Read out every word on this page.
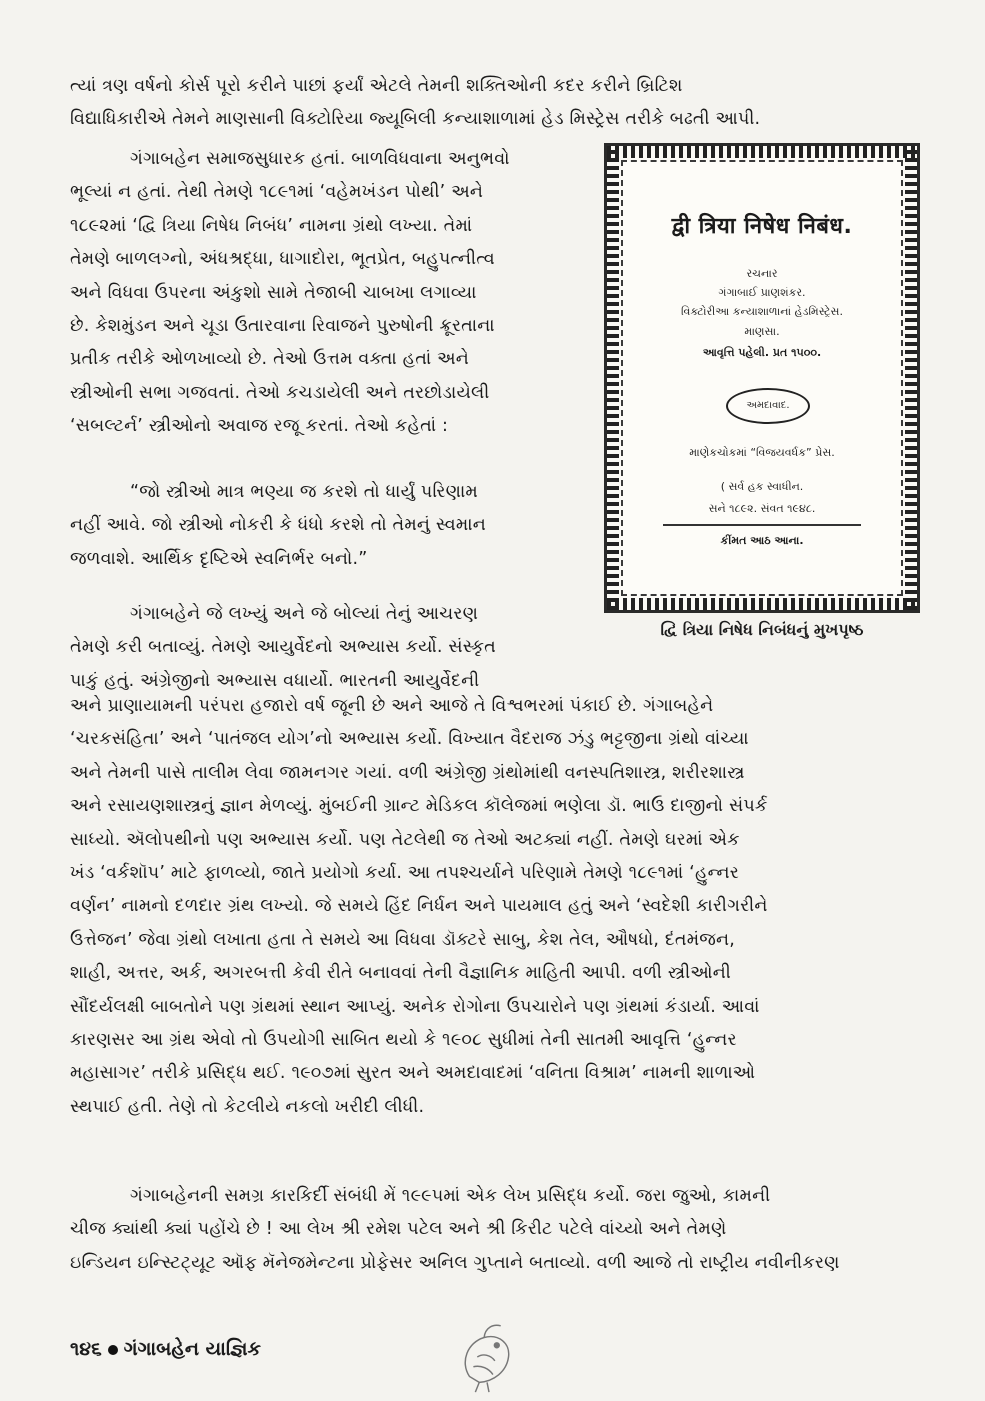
ત્યાં ત્રણ વર્ષનો કોર્સ પૂરો કરીને પાછાં ફર્યાં એટલે તેમની શક્તિઓની કદર કરીને બ્રિટિશ
વિદ્યાધિકારીએ તેમને માણસાની વિક્ટોરિયા જ્યૂબિલી કન્યાશાળામાં હેડ મિસ્ટ્રેસ તરીકે બઢતી આપી.
ગંગાબહેન સમાજસુધારક હતાં. બાળવિધવાના અનુભવો
ભૂલ્યાં ન હતાં. તેથી તેમણે ૧૮૯૧માં ‘વહેમખંડન પોથી’ અને
૧૮૯૨માં ‘દ્વિ ત્રિયા નિષેધ નિબંધ’ નામના ગ્રંથો લખ્યા. તેમાં
તેમણે બાળલગ્નો, અંધશ્રદ્ધા, ધાગાદોરા, ભૂતપ્રેત, બહુપત્નીત્વ
અને વિધવા ઉપરના અંકુશો સામે તેજાબી ચાબખા લગાવ્યા
છે. કેશમુંડન અને ચૂડા ઉતારવાના રિવાજને પુરુષોની ક્રૂરતાના
પ્રતીક તરીકે ઓળખાવ્યો છે. તેઓ ઉત્તમ વક્તા હતાં અને
સ્ત્રીઓની સભા ગજવતાં. તેઓ કચડાયેલી અને તરછોડાયેલી
‘સબલ્ટર્ન’ સ્ત્રીઓનો અવાજ રજૂ કરતાં. તેઓ કહેતાં :
“જો સ્ત્રીઓ માત્ર ભણ્યા જ કરશે તો ધાર્યું પરિણામ
નહીં આવે. જો સ્ત્રીઓ નોકરી કે ધંધો કરશે તો તેમનું સ્વમાન
જળવાશે. આર્થિક દૃષ્ટિએ સ્વનિર્ભર બનો.”
ગંગાબહેને જે લખ્યું અને જે બોલ્યાં તેનું આચરણ
તેમણે કરી બતાવ્યું. તેમણે આયુર્વેદનો અભ્યાસ કર્યો. સંસ્કૃત
પાકું હતું. અંગ્રેજીનો અભ્યાસ વધાર્યો. ભારતની આયુર્વેદની
અને પ્રાણાયામની પરંપરા હજારો વર્ષ જૂની છે અને આજે તે વિશ્વભરમાં પંકાઈ છે. ગંગાબહેને
‘ચરકસંહિતા’ અને ‘પાતંજલ યોગ’નો અભ્યાસ કર્યો. વિખ્યાત વૈદરાજ ઝંડુ ભટ્ટજીના ગ્રંથો વાંચ્યા
અને તેમની પાસે તાલીમ લેવા જામનગર ગયાં. વળી અંગ્રેજી ગ્રંથોમાંથી વનસ્પતિશાસ્ત્ર, શરીરશાસ્ત્ર
અને રસાયણશાસ્ત્રનું જ્ઞાન મેળવ્યું. મુંબઈની ગ્રાન્ટ મેડિકલ કૉલેજમાં ભણેલા ડૉ. ભાઉ દાજીનો સંપર્ક
સાધ્યો. ઍલોપથીનો પણ અભ્યાસ કર્યો. પણ તેટલેથી જ તેઓ અટક્યાં નહીં. તેમણે ઘરમાં એક
ખંડ ‘વર્કશૉપ’ માટે ફાળવ્યો, જાતે પ્રયોગો કર્યા. આ તપશ્ચર્યાને પરિણામે તેમણે ૧૮૯૧માં ‘હુન્નર
વર્ણન’ નામનો દળદાર ગ્રંથ લખ્યો. જે સમયે હિંદ નિર્ધન અને પાયમાલ હતું અને ‘સ્વદેશી કારીગરીને
ઉત્તેજન’ જેવા ગ્રંથો લખાતા હતા તે સમયે આ વિધવા ડૉક્ટરે સાબુ, કેશ તેલ, ઔષધો, દંતમંજન,
શાહી, અત્તર, અર્ક, અગરબત્તી કેવી રીતે બનાવવાં તેની વૈજ્ઞાનિક માહિતી આપી. વળી સ્ત્રીઓની
સૌંદર્યલક્ષી બાબતોને પણ ગ્રંથમાં સ્થાન આપ્યું. અનેક રોગોના ઉપચારોને પણ ગ્રંથમાં કંડાર્યા. આવાં
કારણસર આ ગ્રંથ એવો તો ઉપયોગી સાબિત થયો કે ૧૯૦૮ સુધીમાં તેની સાતમી આવૃત્તિ ‘હુન્નર
મહાસાગર’ તરીકે પ્રસિદ્ધ થઈ. ૧૯૦૭માં સુરત અને અમદાવાદમાં ‘વનિતા વિશ્રામ’ નામની શાળાઓ
સ્થપાઈ હતી. તેણે તો કેટલીયે નકલો ખરીદી લીધી.
ગંગાબહેનની સમગ્ર કારકિર્દી સંબંધી મેં ૧૯૯૫માં એક લેખ પ્રસિદ્ધ કર્યો. જરા જુઓ, કામની
ચીજ ક્યાંથી ક્યાં પહોંચે છે ! આ લેખ શ્રી રમેશ પટેલ અને શ્રી કિરીટ પટેલે વાંચ્યો અને તેમણે
ઇન્ડિયન ઇન્સ્ટિટ્યૂટ ઑફ મૅનેજમેન્ટના પ્રોફેસર અનિલ ગુપ્તાને બતાવ્યો. વળી આજે તો રાષ્ટ્રીય નવીનીકરણ
द्वी त्रिया निषेध निबंध.
રચનાર
ગંગાબાઈ પ્રાણશંકર.
વિક્ટોરીઆ કન્યાશાળાનાં હેડમિસ્ટ્રેસ.
માણસા.
આવૃત્તિ પહેલી. પ્રત ૧૫૦૦.
અમદાવાદ.
માણેકચોકમાં “વિજયવર્ધક” પ્રેસ.
( સર્વ હક સ્વાધીન.
સને ૧૮૯૨. સંવત ૧૯૪૮.
કીંમત આઠ આના.
દ્વિ ત્રિયા નિષેધ નિબંધનું મુખપૃષ્ઠ
૧૪૬ ગંગાબહેન યાજ્ઞિક
